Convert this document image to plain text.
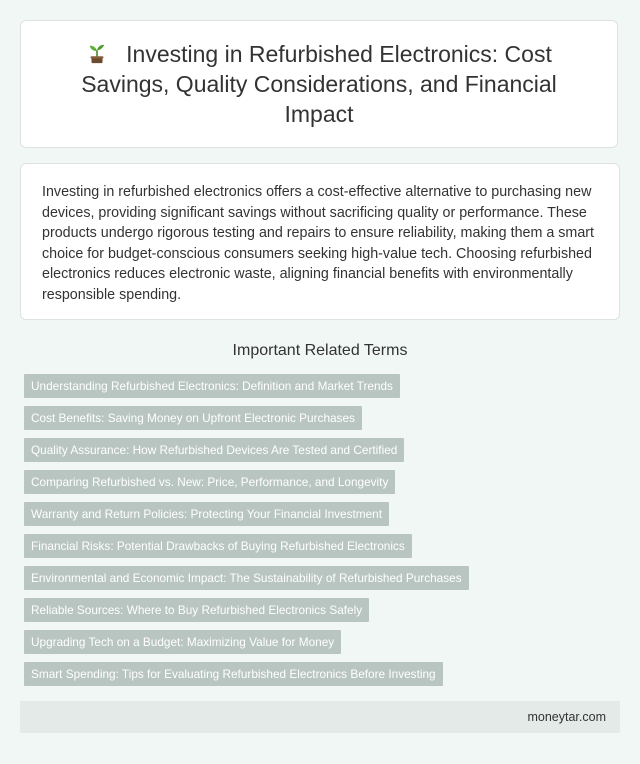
Investing in Refurbished Electronics: Cost Savings, Quality Considerations, and Financial Impact

Investing in refurbished electronics offers a cost-effective alternative to purchasing new devices, providing significant savings without sacrificing quality or performance. These products undergo rigorous testing and repairs to ensure reliability, making them a smart choice for budget-conscious consumers seeking high-value tech. Choosing refurbished electronics reduces electronic waste, aligning financial benefits with environmentally responsible spending.

Important Related Terms
Understanding Refurbished Electronics: Definition and Market Trends
Cost Benefits: Saving Money on Upfront Electronic Purchases
Quality Assurance: How Refurbished Devices Are Tested and Certified
Comparing Refurbished vs. New: Price, Performance, and Longevity
Warranty and Return Policies: Protecting Your Financial Investment
Financial Risks: Potential Drawbacks of Buying Refurbished Electronics
Environmental and Economic Impact: The Sustainability of Refurbished Purchases
Reliable Sources: Where to Buy Refurbished Electronics Safely
Upgrading Tech on a Budget: Maximizing Value for Money
Smart Spending: Tips for Evaluating Refurbished Electronics Before Investing
moneytar.com
